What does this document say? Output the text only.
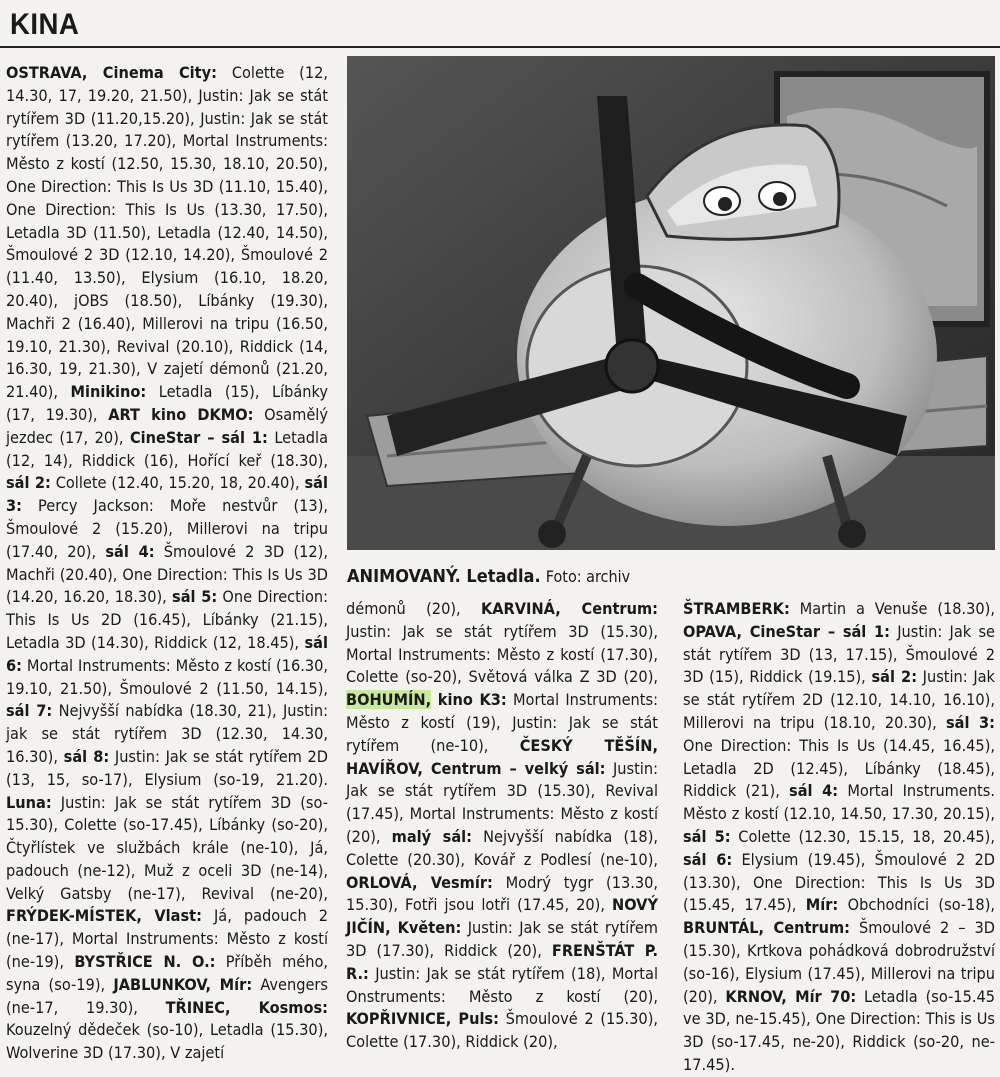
KINA
OSTRAVA, Cinema City: Colette (12, 14.30, 17, 19.20, 21.50), Justin: Jak se stát rytířem 3D (11.20,15.20), Justin: Jak se stát rytířem (13.20, 17.20), Mortal Instruments: Město z kostí (12.50, 15.30, 18.10, 20.50), One Direction: This Is Us 3D (11.10, 15.40), One Direction: This Is Us (13.30, 17.50), Letadla 3D (11.50), Letadla (12.40, 14.50), Šmoulové 2 3D (12.10, 14.20), Šmoulové 2 (11.40, 13.50), Elysium (16.10, 18.20, 20.40), jOBS (18.50), Líbánky (19.30), Machři 2 (16.40), Millerovi na tripu (16.50, 19.10, 21.30), Revival (20.10), Riddick (14, 16.30, 19, 21.30), V zajetí démonů (21.20, 21.40), Minikino: Letadla (15), Líbánky (17, 19.30), ART kino DKMO: Osamělý jezdec (17, 20), CineStar – sál 1: Letadla (12, 14), Riddick (16), Hořící keř (18.30), sál 2: Collete (12.40, 15.20, 18, 20.40), sál 3: Percy Jackson: Moře nestvůr (13), Šmoulové 2 (15.20), Millerovi na tripu (17.40, 20), sál 4: Šmoulové 2 3D (12), Machři (20.40), One Direction: This Is Us 3D (14.20, 16.20, 18.30), sál 5: One Direction: This Is Us 2D (16.45), Líbánky (21.15), Letadla 3D (14.30), Riddick (12, 18.45), sál 6: Mortal Instruments: Město z kostí (16.30, 19.10, 21.50), Šmoulové 2 (11.50, 14.15), sál 7: Nejvyšší nabídka (18.30, 21), Justin: jak se stát rytířem 3D (12.30, 14.30, 16.30), sál 8: Justin: Jak se stát rytířem 2D (13, 15, so-17), Elysium (so-19, 21.20). Luna: Justin: Jak se stát rytířem 3D (so-15.30), Colette (so-17.45), Líbánky (so-20), Čtyřlístek ve službách krále (ne-10), Já, padouch (ne-12), Muž z oceli 3D (ne-14), Velký Gatsby (ne-17), Revival (ne-20), FRÝDEK-MÍSTEK, Vlast: Já, padouch 2 (ne-17), Mortal Instruments: Město z kostí (ne-19), BYSTŘICE N. O.: Příběh mého, syna (so-19), JABLUNKOV, Mír: Avengers (ne-17, 19.30), TŘINEC, Kosmos: Kouzelný dědeček (so-10), Letadla (15.30), Wolverine 3D (17.30), V zajetí
ANIMOVANÝ. Letadla. Foto: archiv
démonů (20), KARVINÁ, Centrum: Justin: Jak se stát rytířem 3D (15.30), Mortal Instruments: Město z kostí (17.30), Colette (so-20), Světová válka Z 3D (20), BOHUMÍN, kino K3: Mortal Instruments: Město z kostí (19), Justin: Jak se stát rytířem (ne-10), ČESKÝ TĚŠÍN, HAVÍŘOV, Centrum – velký sál: Justin: Jak se stát rytířem 3D (15.30), Revival (17.45), Mortal Instruments: Město z kostí (20), malý sál: Nejvyšší nabídka (18), Colette (20.30), Kovář z Podlesí (ne-10), ORLOVÁ, Vesmír: Modrý tygr (13.30, 15.30), Fotři jsou lotři (17.45, 20), NOVÝ JIČÍN, Květen: Justin: Jak se stát rytířem 3D (17.30), Riddick (20), FRENŠTÁT P. R.: Justin: Jak se stát rytířem (18), Mortal Onstruments: Město z kostí (20), KOPŘIVNICE, Puls: Šmoulové 2 (15.30), Colette (17.30), Riddick (20),
ŠTRAMBERK: Martin a Venuše (18.30), OPAVA, CineStar – sál 1: Justin: Jak se stát rytířem 3D (13, 17.15), Šmoulové 2 3D (15), Riddick (19.15), sál 2: Justin: Jak se stát rytířem 2D (12.10, 14.10, 16.10), Millerovi na tripu (18.10, 20.30), sál 3: One Direction: This Is Us (14.45, 16.45), Letadla 2D (12.45), Líbánky (18.45), Riddick (21), sál 4: Mortal Instruments. Město z kostí (12.10, 14.50, 17.30, 20.15), sál 5: Colette (12.30, 15.15, 18, 20.45), sál 6: Elysium (19.45), Šmoulové 2 2D (13.30), One Direction: This Is Us 3D (15.45, 17.45), Mír: Obchodníci (so-18), BRUNTÁL, Centrum: Šmoulové 2 – 3D (15.30), Krtkova pohádková dobrodružství (so-16), Elysium (17.45), Millerovi na tripu (20), KRNOV, Mír 70: Letadla (so-15.45 ve 3D, ne-15.45), One Direction: This is Us 3D (so-17.45, ne-20), Riddick (so-20, ne-17.45).
